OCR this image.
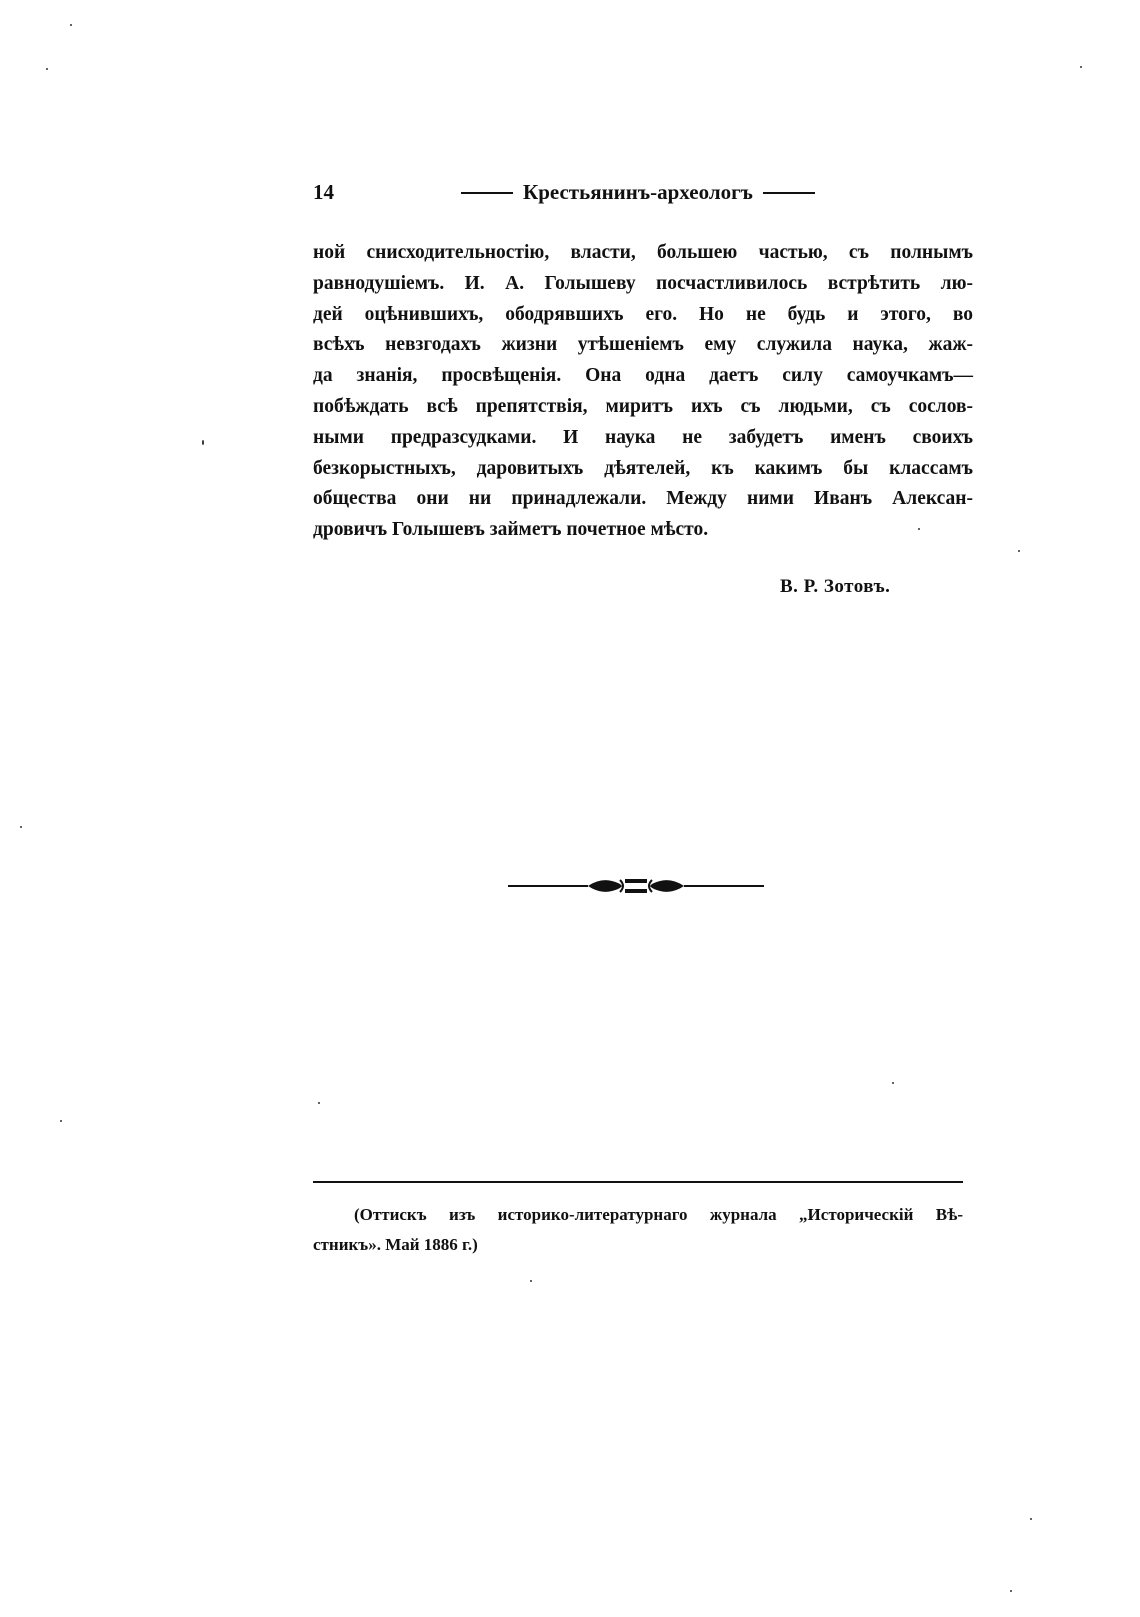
14	Крестьянинъ-археологъ
ной снисходительностію, власти, большею частью, съ полнымъ
равнодушіемъ. И. А. Голышеву посчастливилось встрѣтить лю-
дей оцѣнившихъ, ободрявшихъ его. Но не будь и этого, во
всѣхъ невзгодахъ жизни утѣшеніемъ ему служила наука, жаж-
да знанія, просвѣщенія. Она одна даетъ силу самоучкамъ—
побѣждать всѣ препятствія, миритъ ихъ съ людьми, съ сослов-
ными предразсудками. И наука не забудетъ именъ своихъ
безкорыстныхъ, даровитыхъ дѣятелей, къ какимъ бы классамъ
общества они ни принадлежали. Между ними Иванъ Алексан-
дровичъ Голышевъ займетъ почетное мѣсто.
В. Р. Зотовъ.
(Оттискъ изъ историко-литературнаго журнала „Историческій Вѣ-
стникъ». Май 1886 г.)
